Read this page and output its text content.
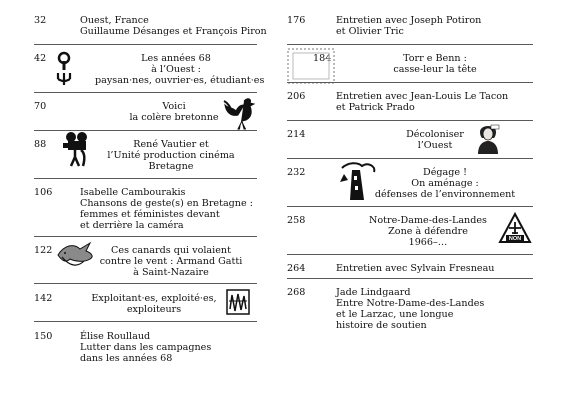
32	Ouest, France
Guillaume Désanges et François Piron
42	Les années 68
à l’Ouest :
paysan·nes, ouvrier·es, étudiant·es
70	Voici
la colère bretonne
88	René Vautier et
l’Unité production cinéma
Bretagne
106	Isabelle Cambourakis
Chansons de geste(s) en Bretagne :
femmes et féministes devant
et derrière la caméra
122	Ces canards qui volaient
contre le vent : Armand Gatti
à Saint-Nazaire
142	Exploitant·es, exploité·es,
exploiteurs
150	Élise Roullaud
Lutter dans les campagnes
dans les années 68
176	Entretien avec Joseph Potiron
et Olivier Tric
184	Torr e Benn :
casse-leur la tête
206	Entretien avec Jean-Louis Le Tacon
et Patrick Prado
214	Décoloniser
l’Ouest
232	Dégage !
On aménage :
défenses de l’environnement
258	Notre-Dame-des-Landes
Zone à défendre
1966–…	NON
264	Entretien avec Sylvain Fresneau
268	Jade Lindgaard
Entre Notre-Dame-des-Landes
et le Larzac, une longue
histoire de soutien
